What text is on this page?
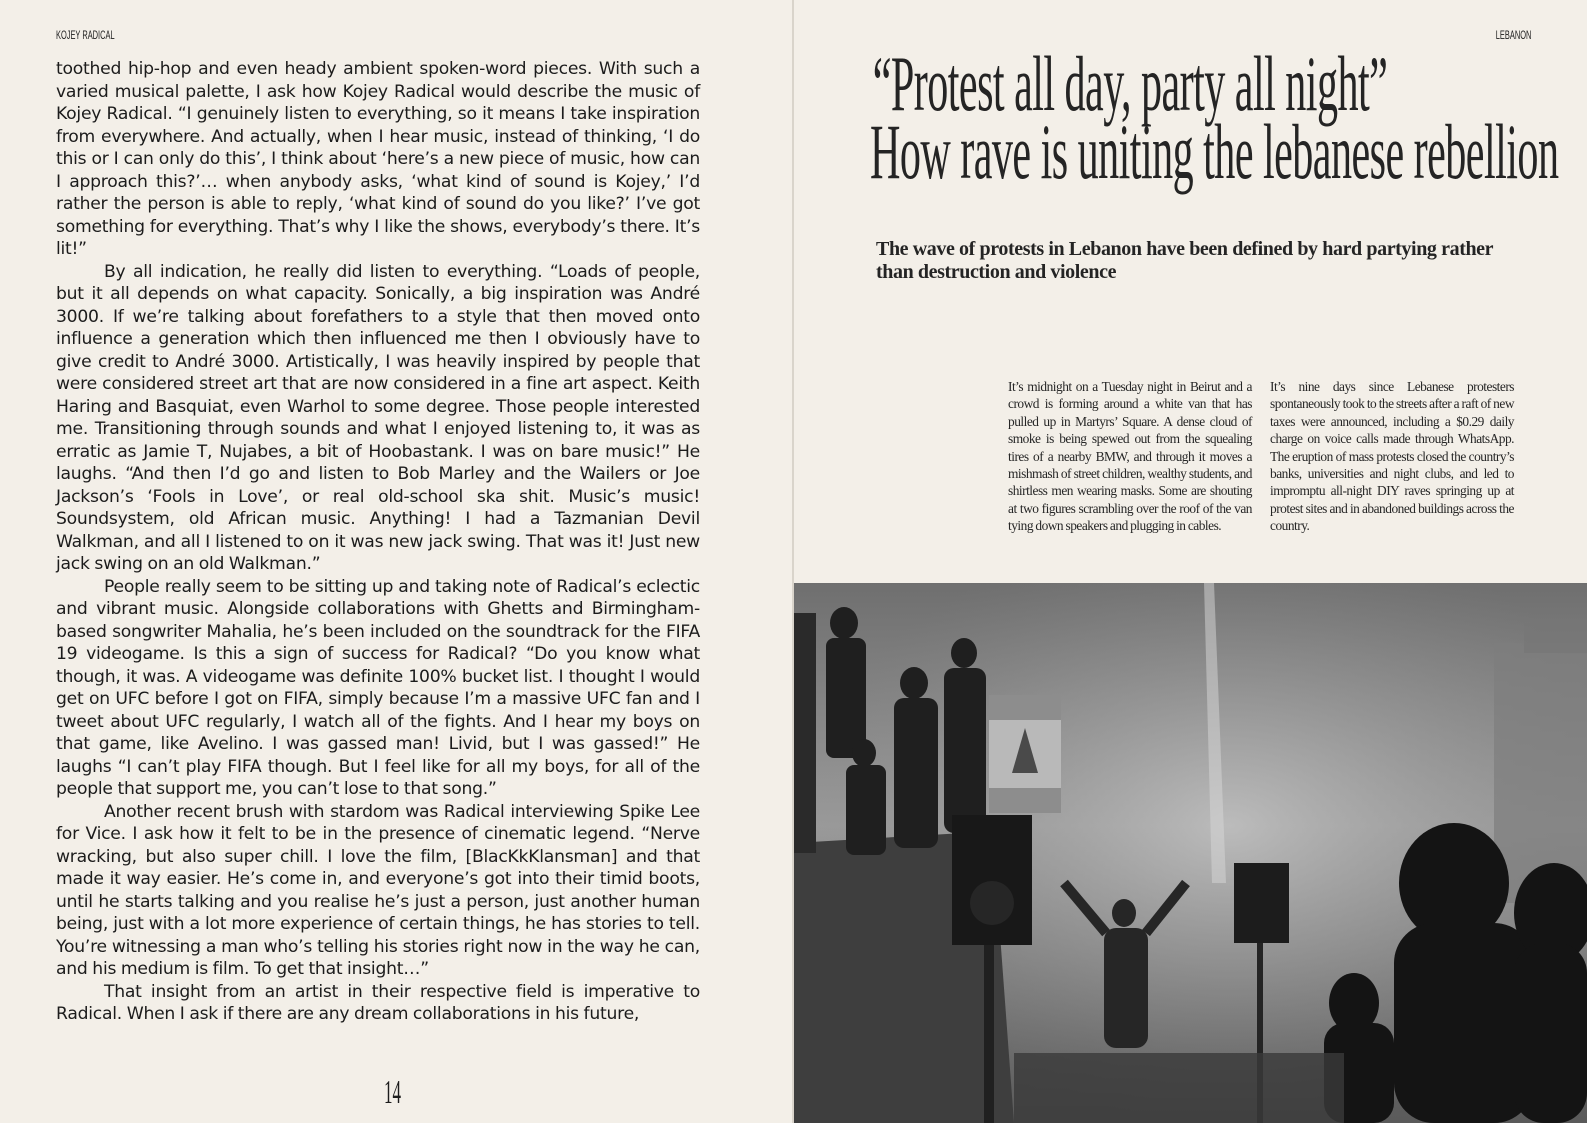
KOJEY RADICAL

toothed hip-hop and even heady ambient spoken-word pieces. With such a varied musical palette, I ask how Kojey Radical would describe the music of Kojey Radical. “I genuinely listen to everything, so it means I take inspiration from everywhere. And actually, when I hear music, instead of thinking, ‘I do this or I can only do this’, I think about ‘here’s a new piece of music, how can I approach this?’… when anybody asks, ‘what kind of sound is Kojey,’ I’d rather the person is able to reply, ‘what kind of sound do you like?’ I’ve got something for everything. That’s why I like the shows, everybody’s there. It’s lit!”

By all indication, he really did listen to everything. “Loads of people, but it all depends on what capacity. Sonically, a big inspiration was André 3000. If we’re talking about forefathers to a style that then moved onto influence a generation which then influenced me then I obviously have to give credit to André 3000. Artistically, I was heavily inspired by people that were considered street art that are now considered in a fine art aspect. Keith Haring and Basquiat, even Warhol to some degree. Those people interested me. Transitioning through sounds and what I enjoyed listening to, it was as erratic as Jamie T, Nujabes, a bit of Hoobastank. I was on bare music!” He laughs. “And then I’d go and listen to Bob Marley and the Wailers or Joe Jackson’s ‘Fools in Love’, or real old-school ska shit. Music’s music! Soundsystem, old African music. Anything! I had a Tazmanian Devil Walkman, and all I listened to on it was new jack swing. That was it! Just new jack swing on an old Walkman.”

People really seem to be sitting up and taking note of Radical’s eclectic and vibrant music. Alongside collaborations with Ghetts and Birmingham-based songwriter Mahalia, he’s been included on the soundtrack for the FIFA 19 videogame. Is this a sign of success for Radical? “Do you know what though, it was. A videogame was definite 100% bucket list. I thought I would get on UFC before I got on FIFA, simply because I’m a massive UFC fan and I tweet about UFC regularly, I watch all of the fights. And I hear my boys on that game, like Avelino. I was gassed man! Livid, but I was gassed!” He laughs “I can’t play FIFA though. But I feel like for all my boys, for all of the people that support me, you can’t lose to that song.”

Another recent brush with stardom was Radical interviewing Spike Lee for Vice. I ask how it felt to be in the presence of cinematic legend. “Nerve wracking, but also super chill. I love the film, [BlacKkKlansman] and that made it way easier. He’s come in, and everyone’s got into their timid boots, until he starts talking and you realise he’s just a person, just another human being, just with a lot more experience of certain things, he has stories to tell. You’re witnessing a man who’s telling his stories right now in the way he can, and his medium is film. To get that insight…”

That insight from an artist in their respective field is imperative to Radical. When I ask if there are any dream collaborations in his future,

14
LEBANON
“Protest all day, party all night”
How rave is uniting the lebanese rebellion
The wave of protests in Lebanon have been defined by hard partying rather than destruction and violence
It’s midnight on a Tuesday night in Beirut and a crowd is forming around a white van that has pulled up in Martyrs’ Square. A dense cloud of smoke is being spewed out from the squealing tires of a nearby BMW, and through it moves a mishmash of street children, wealthy students, and shirtless men wearing masks. Some are shouting at two figures scrambling over the roof of the van tying down speakers and plugging in cables.
It’s nine days since Lebanese protesters spontaneously took to the streets after a raft of new taxes were announced, including a $0.29 daily charge on voice calls made through WhatsApp. The eruption of mass protests closed the country’s banks, universities and night clubs, and led to impromptu all-night DIY raves springing up at protest sites and in abandoned buildings across the country.
